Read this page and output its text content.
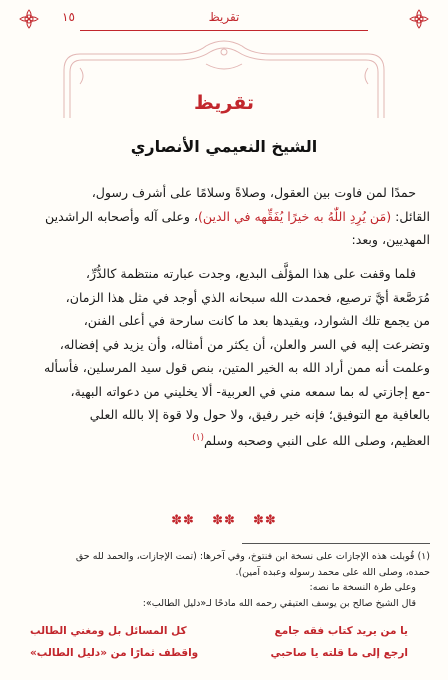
تقريظ
١٥
تقريظ
الشيخ النعيمي الأنصاري

حمدًا لمن فاوت بين العقول، وصلاةً وسلامًا على أشرف رسول،

القائل: (مَن يُرِدِ اللّٰهُ به خيرًا يُفَقِّهه في الدين)، وعلى آله وأصحابه الراشدين

المهديين، وبعد:

فلما وقفت على هذا المؤلَّف البديع، وجدت عبارته منتظمة كالدُّرِّ،

مُرَصَّعة أيَّ ترصيع، فحمدت الله سبحانه الذي أوجد في مثل هذا الزمان،

من يجمع تلك الشوارد، ويقيدها بعد ما كانت سارحة في أعلى الفنن،

وتضرعت إليه في السر والعلن، أن يكثر من أمثاله، وأن يزيد في إفضاله،

وعلمت أنه ممن أراد الله به الخير المتين، بنص قول سيد المرسلين، فأسأله

-مع إجازتي له بما سمعه مني في العربية- ألا يخليني من دعواته البهية،

بالعافية مع التوفيق؛ فإنه خير رفيق، ولا حول ولا قوة إلا بالله العلي

العظيم، وصلى الله على النبي وصحبه وسلم$^{(١)}$

✽✽ ✽✽ ✽✽
(١) قُوبلت هذه الإجازات على نسخة ابن فنتوخ، وفي آخرها: (تمت الإجازات، والحمد لله حق
حمده، وصلى الله على محمد رسوله وعبده آمين).
وعلى طرة النسخة ما نصه:
قال الشيخ صالح بن يوسف العتيقي رحمه الله مادحًا لـ«دليل الطالب»:
يا من يريد كتاب فقه جامع
كل المسائل بل ومغني الطالب
ارجع إلى ما قلته يا صاحبي
واقطف ثمارًا من «دليل الطالب»
